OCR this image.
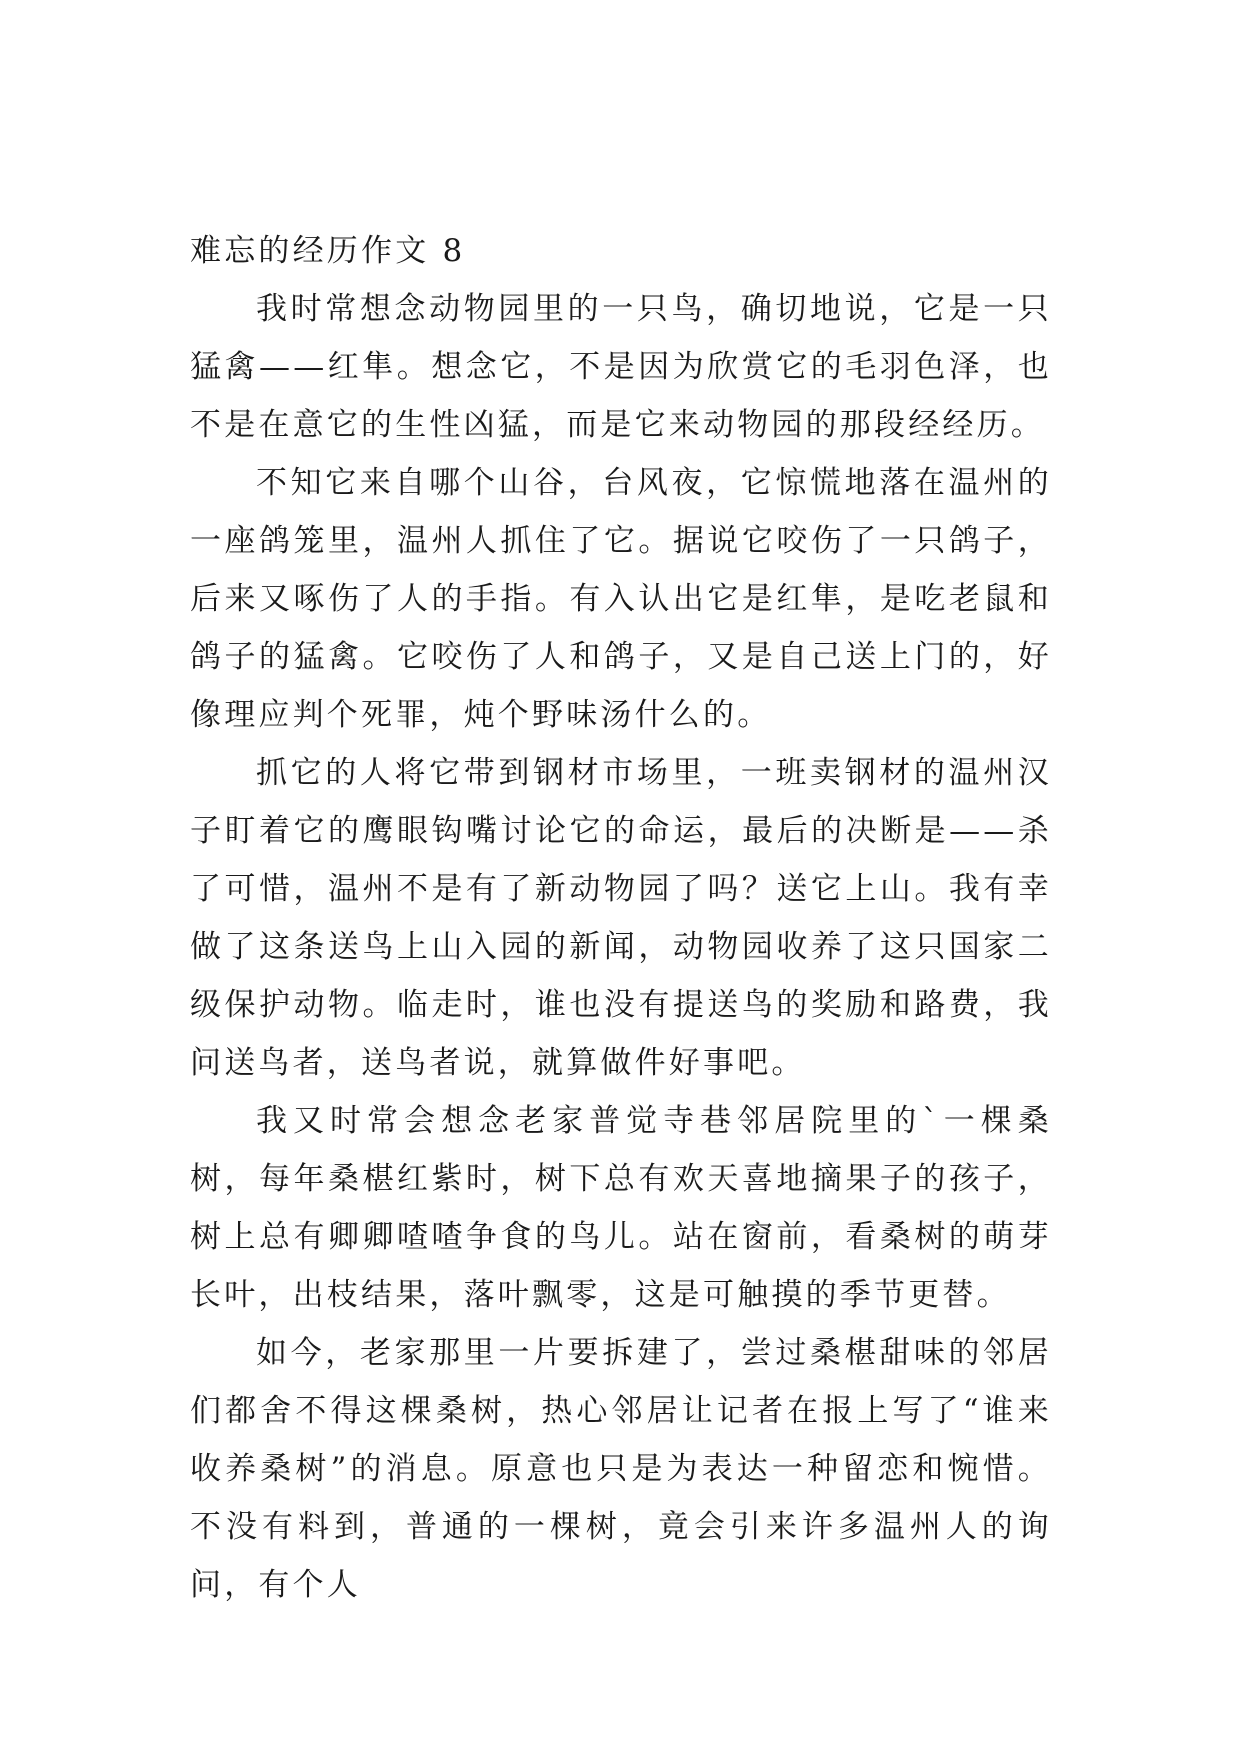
难忘的经历作文 8

我时常想念动物园里的一只鸟，确切地说，它是一只猛禽——红隼。想念它，不是因为欣赏它的毛羽色泽，也不是在意它的生性凶猛，而是它来动物园的那段经经历。

不知它来自哪个山谷，台风夜，它惊慌地落在温州的一座鸽笼里，温州人抓住了它。据说它咬伤了一只鸽子，后来又啄伤了人的手指。有入认出它是红隼，是吃老鼠和鸽子的猛禽。它咬伤了人和鸽子，又是自己送上门的，好像理应判个死罪，炖个野味汤什么的。

抓它的人将它带到钢材市场里，一班卖钢材的温州汉子盯着它的鹰眼钩嘴讨论它的命运，最后的决断是——杀了可惜，温州不是有了新动物园了吗？送它上山。我有幸做了这条送鸟上山入园的新闻，动物园收养了这只国家二级保护动物。临走时，谁也没有提送鸟的奖励和路费，我问送鸟者，送鸟者说，就算做件好事吧。

我又时常会想念老家普觉寺巷邻居院里的`一棵桑树，每年桑椹红紫时，树下总有欢天喜地摘果子的孩子，树上总有卿卿喳喳争食的鸟儿。站在窗前，看桑树的萌芽长叶，出枝结果，落叶飘零，这是可触摸的季节更替。

如今，老家那里一片要拆建了，尝过桑椹甜味的邻居们都舍不得这棵桑树，热心邻居让记者在报上写了“谁来收养桑树”的消息。原意也只是为表达一种留恋和惋惜。不没有料到，普通的一棵树，竟会引来许多温州人的询问，有个人
